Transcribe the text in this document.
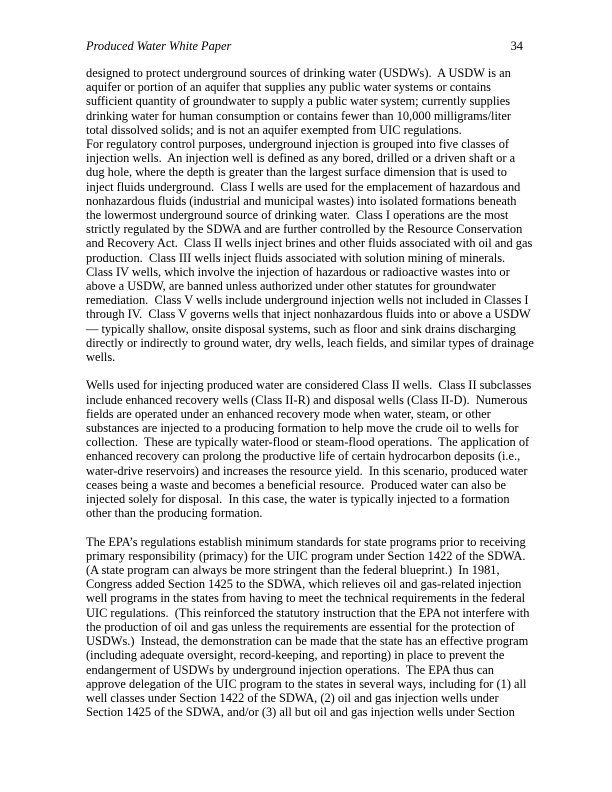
Produced Water White Paper	34

designed to protect underground sources of drinking water (USDWs).  A USDW is an aquifer or portion of an aquifer that supplies any public water systems or contains sufficient quantity of groundwater to supply a public water system; currently supplies drinking water for human consumption or contains fewer than 10,000 milligrams/liter total dissolved solids; and is not an aquifer exempted from UIC regulations.

For regulatory control purposes, underground injection is grouped into five classes of injection wells.  An injection well is defined as any bored, drilled or a driven shaft or a dug hole, where the depth is greater than the largest surface dimension that is used to inject fluids underground.  Class I wells are used for the emplacement of hazardous and nonhazardous fluids (industrial and municipal wastes) into isolated formations beneath the lowermost underground source of drinking water.  Class I operations are the most strictly regulated by the SDWA and are further controlled by the Resource Conservation and Recovery Act.  Class II wells inject brines and other fluids associated with oil and gas production.  Class III wells inject fluids associated with solution mining of minerals.  Class IV wells, which involve the injection of hazardous or radioactive wastes into or above a USDW, are banned unless authorized under other statutes for groundwater remediation.  Class V wells include underground injection wells not included in Classes I through IV.  Class V governs wells that inject nonhazardous fluids into or above a USDW — typically shallow, onsite disposal systems, such as floor and sink drains discharging directly or indirectly to ground water, dry wells, leach fields, and similar types of drainage wells.

Wells used for injecting produced water are considered Class II wells.  Class II subclasses include enhanced recovery wells (Class II-R) and disposal wells (Class II-D).  Numerous fields are operated under an enhanced recovery mode when water, steam, or other substances are injected to a producing formation to help move the crude oil to wells for collection.  These are typically water-flood or steam-flood operations.  The application of enhanced recovery can prolong the productive life of certain hydrocarbon deposits (i.e., water-drive reservoirs) and increases the resource yield.  In this scenario, produced water ceases being a waste and becomes a beneficial resource.  Produced water can also be injected solely for disposal.  In this case, the water is typically injected to a formation other than the producing formation.

The EPA’s regulations establish minimum standards for state programs prior to receiving primary responsibility (primacy) for the UIC program under Section 1422 of the SDWA.  (A state program can always be more stringent than the federal blueprint.)  In 1981, Congress added Section 1425 to the SDWA, which relieves oil and gas-related injection well programs in the states from having to meet the technical requirements in the federal UIC regulations.  (This reinforced the statutory instruction that the EPA not interfere with the production of oil and gas unless the requirements are essential for the protection of USDWs.)  Instead, the demonstration can be made that the state has an effective program (including adequate oversight, record-keeping, and reporting) in place to prevent the endangerment of USDWs by underground injection operations.  The EPA thus can approve delegation of the UIC program to the states in several ways, including for (1) all well classes under Section 1422 of the SDWA, (2) oil and gas injection wells under Section 1425 of the SDWA, and/or (3) all but oil and gas injection wells under Section
